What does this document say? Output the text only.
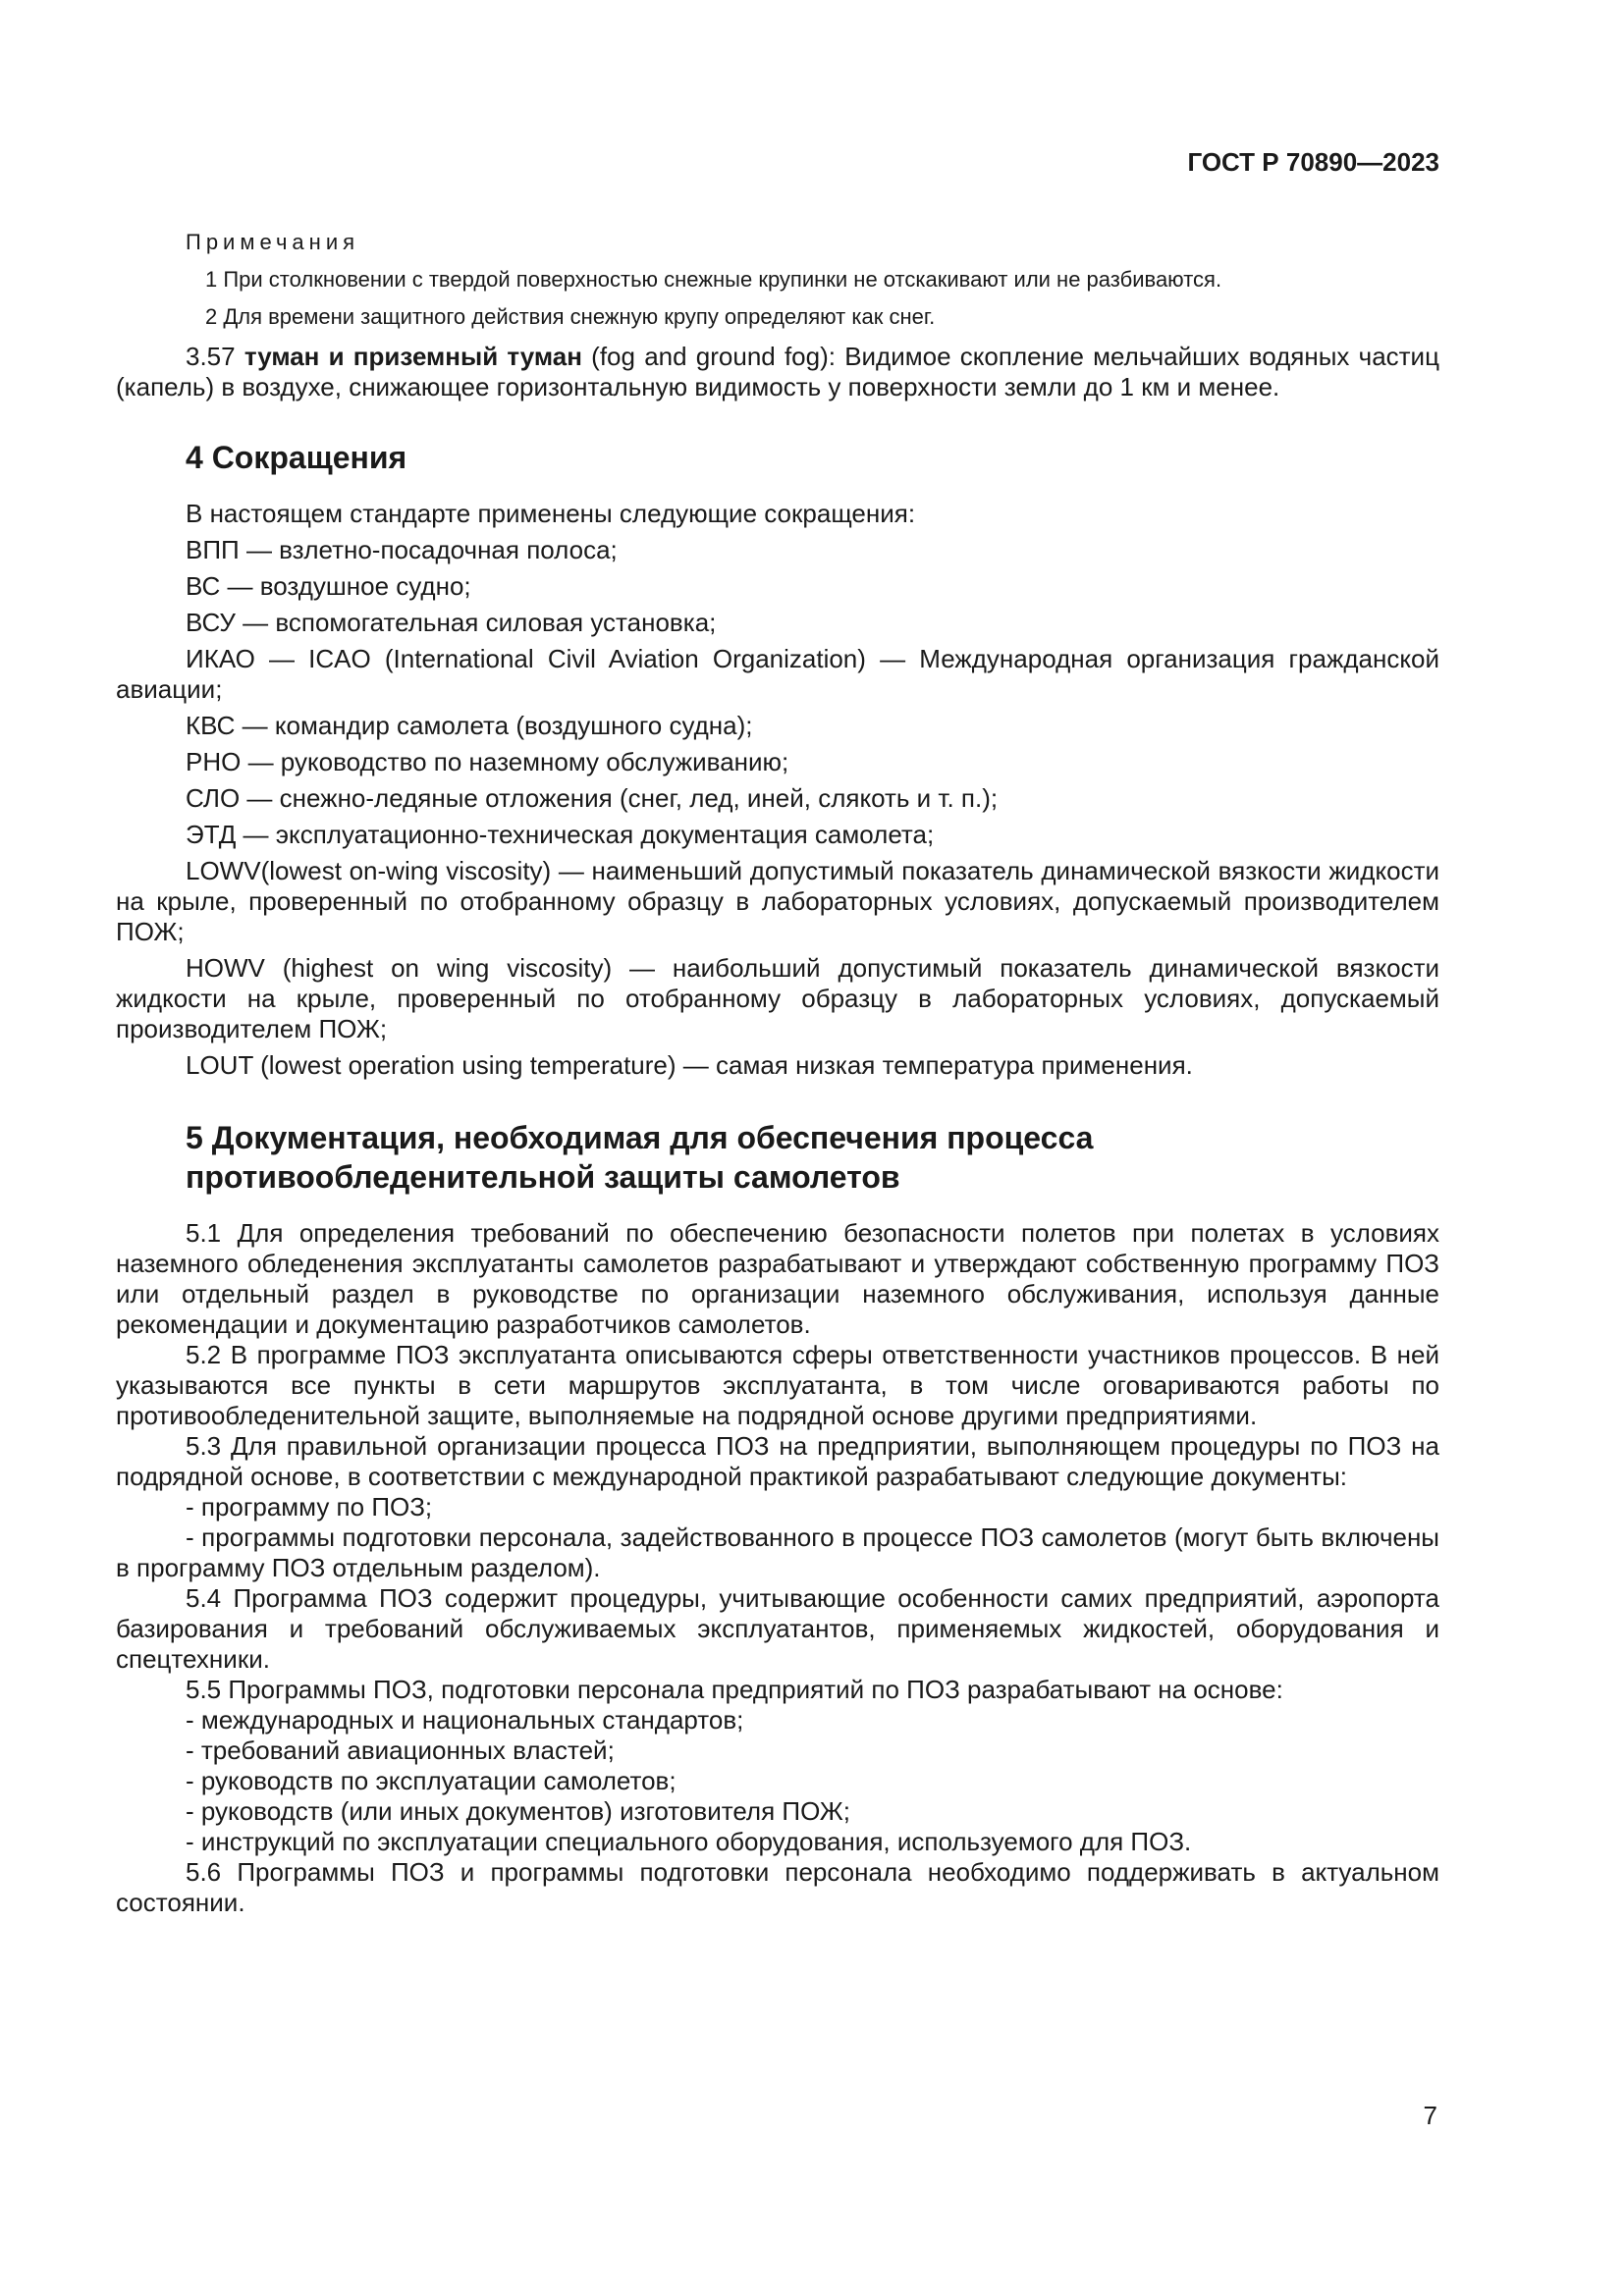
ГОСТ Р 70890—2023
Примечания
1 При столкновении с твердой поверхностью снежные крупинки не отскакивают или не разбиваются.
2 Для времени защитного действия снежную крупу определяют как снег.

3.57 туман и приземный туман (fog and ground fog): Видимое скопление мельчайших водяных частиц (капель) в воздухе, снижающее горизонтальную видимость у поверхности земли до 1 км и менее.

4 Сокращения

В настоящем стандарте применены следующие сокращения:

ВПП — взлетно-посадочная полоса;

ВС — воздушное судно;

ВСУ — вспомогательная силовая установка;

ИКАО — ICAO (International Civil Aviation Organization) — Международная организация гражданской авиации;

КВС — командир самолета (воздушного судна);

РНО — руководство по наземному обслуживанию;

СЛО — снежно-ледяные отложения (снег, лед, иней, слякоть и т. п.);

ЭТД — эксплуатационно-техническая документация самолета;

LOWV(lowest on-wing viscosity) — наименьший допустимый показатель динамической вязкости жидкости на крыле, проверенный по отобранному образцу в лабораторных условиях, допускаемый производителем ПОЖ;

HOWV (highest on wing viscosity) — наибольший допустимый показатель динамической вязкости жидкости на крыле, проверенный по отобранному образцу в лабораторных условиях, допускаемый производителем ПОЖ;

LOUT (lowest operation using temperature) — самая низкая температура применения.

5 Документация, необходимая для обеспечения процесса
противообледенительной защиты самолетов

5.1 Для определения требований по обеспечению безопасности полетов при полетах в условиях наземного обледенения эксплуатанты самолетов разрабатывают и утверждают собственную программу ПОЗ или отдельный раздел в руководстве по организации наземного обслуживания, используя данные рекомендации и документацию разработчиков самолетов.

5.2 В программе ПОЗ эксплуатанта описываются сферы ответственности участников процессов. В ней указываются все пункты в сети маршрутов эксплуатанта, в том числе оговариваются работы по противообледенительной защите, выполняемые на подрядной основе другими предприятиями.

5.3 Для правильной организации процесса ПОЗ на предприятии, выполняющем процедуры по ПОЗ на подрядной основе, в соответствии с международной практикой разрабатывают следующие документы:

- программу по ПОЗ;

- программы подготовки персонала, задействованного в процессе ПОЗ самолетов (могут быть включены в программу ПОЗ отдельным разделом).

5.4 Программа ПОЗ содержит процедуры, учитывающие особенности самих предприятий, аэропорта базирования и требований обслуживаемых эксплуатантов, применяемых жидкостей, оборудования и спецтехники.

5.5 Программы ПОЗ, подготовки персонала предприятий по ПОЗ разрабатывают на основе:

- международных и национальных стандартов;

- требований авиационных властей;

- руководств по эксплуатации самолетов;

- руководств (или иных документов) изготовителя ПОЖ;

- инструкций по эксплуатации специального оборудования, используемого для ПОЗ.

5.6 Программы ПОЗ и программы подготовки персонала необходимо поддерживать в актуальном состоянии.

7
